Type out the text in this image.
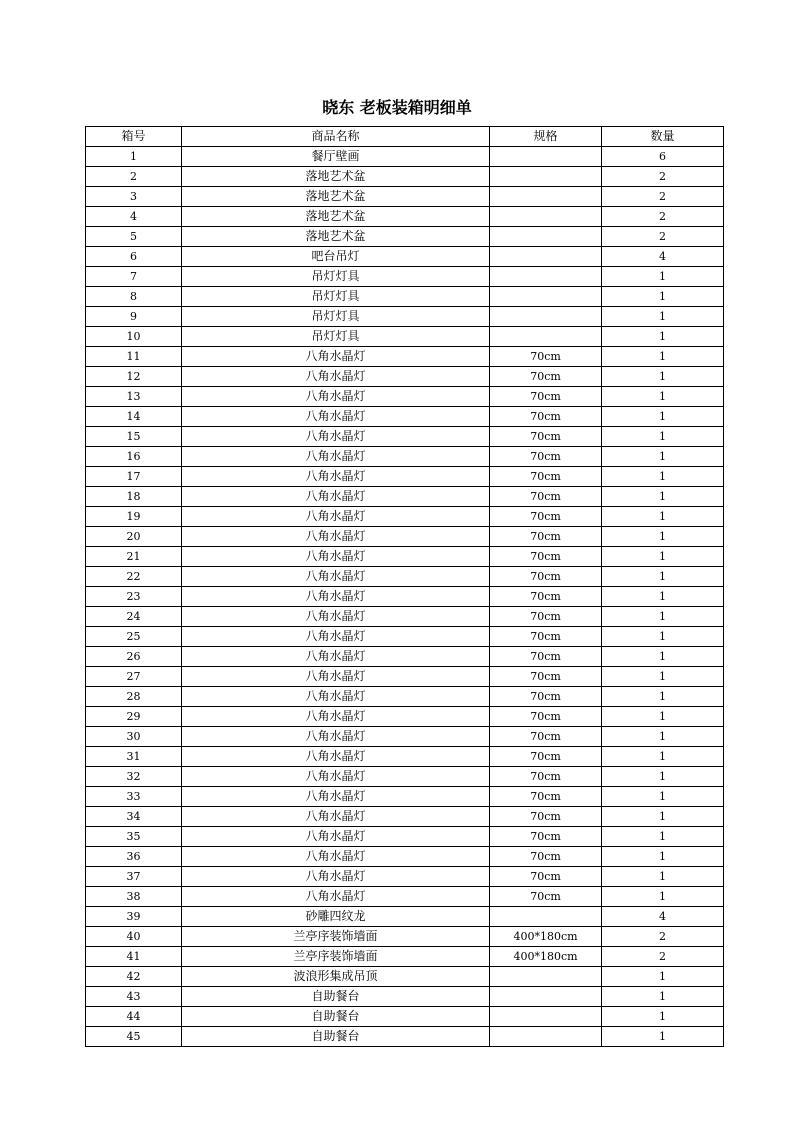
晓东 老板装箱明细单
箱号	商品名称	规格	数量
1	餐厅壁画		6
2	落地艺术盆		2
3	落地艺术盆		2
4	落地艺术盆		2
5	落地艺术盆		2
6	吧台吊灯		4
7	吊灯灯具		1
8	吊灯灯具		1
9	吊灯灯具		1
10	吊灯灯具		1
11	八角水晶灯	70cm	1
12	八角水晶灯	70cm	1
13	八角水晶灯	70cm	1
14	八角水晶灯	70cm	1
15	八角水晶灯	70cm	1
16	八角水晶灯	70cm	1
17	八角水晶灯	70cm	1
18	八角水晶灯	70cm	1
19	八角水晶灯	70cm	1
20	八角水晶灯	70cm	1
21	八角水晶灯	70cm	1
22	八角水晶灯	70cm	1
23	八角水晶灯	70cm	1
24	八角水晶灯	70cm	1
25	八角水晶灯	70cm	1
26	八角水晶灯	70cm	1
27	八角水晶灯	70cm	1
28	八角水晶灯	70cm	1
29	八角水晶灯	70cm	1
30	八角水晶灯	70cm	1
31	八角水晶灯	70cm	1
32	八角水晶灯	70cm	1
33	八角水晶灯	70cm	1
34	八角水晶灯	70cm	1
35	八角水晶灯	70cm	1
36	八角水晶灯	70cm	1
37	八角水晶灯	70cm	1
38	八角水晶灯	70cm	1
39	砂雕四纹龙		4
40	兰亭序装饰墙面	400*180cm	2
41	兰亭序装饰墙面	400*180cm	2
42	波浪形集成吊顶		1
43	自助餐台		1
44	自助餐台		1
45	自助餐台		1
